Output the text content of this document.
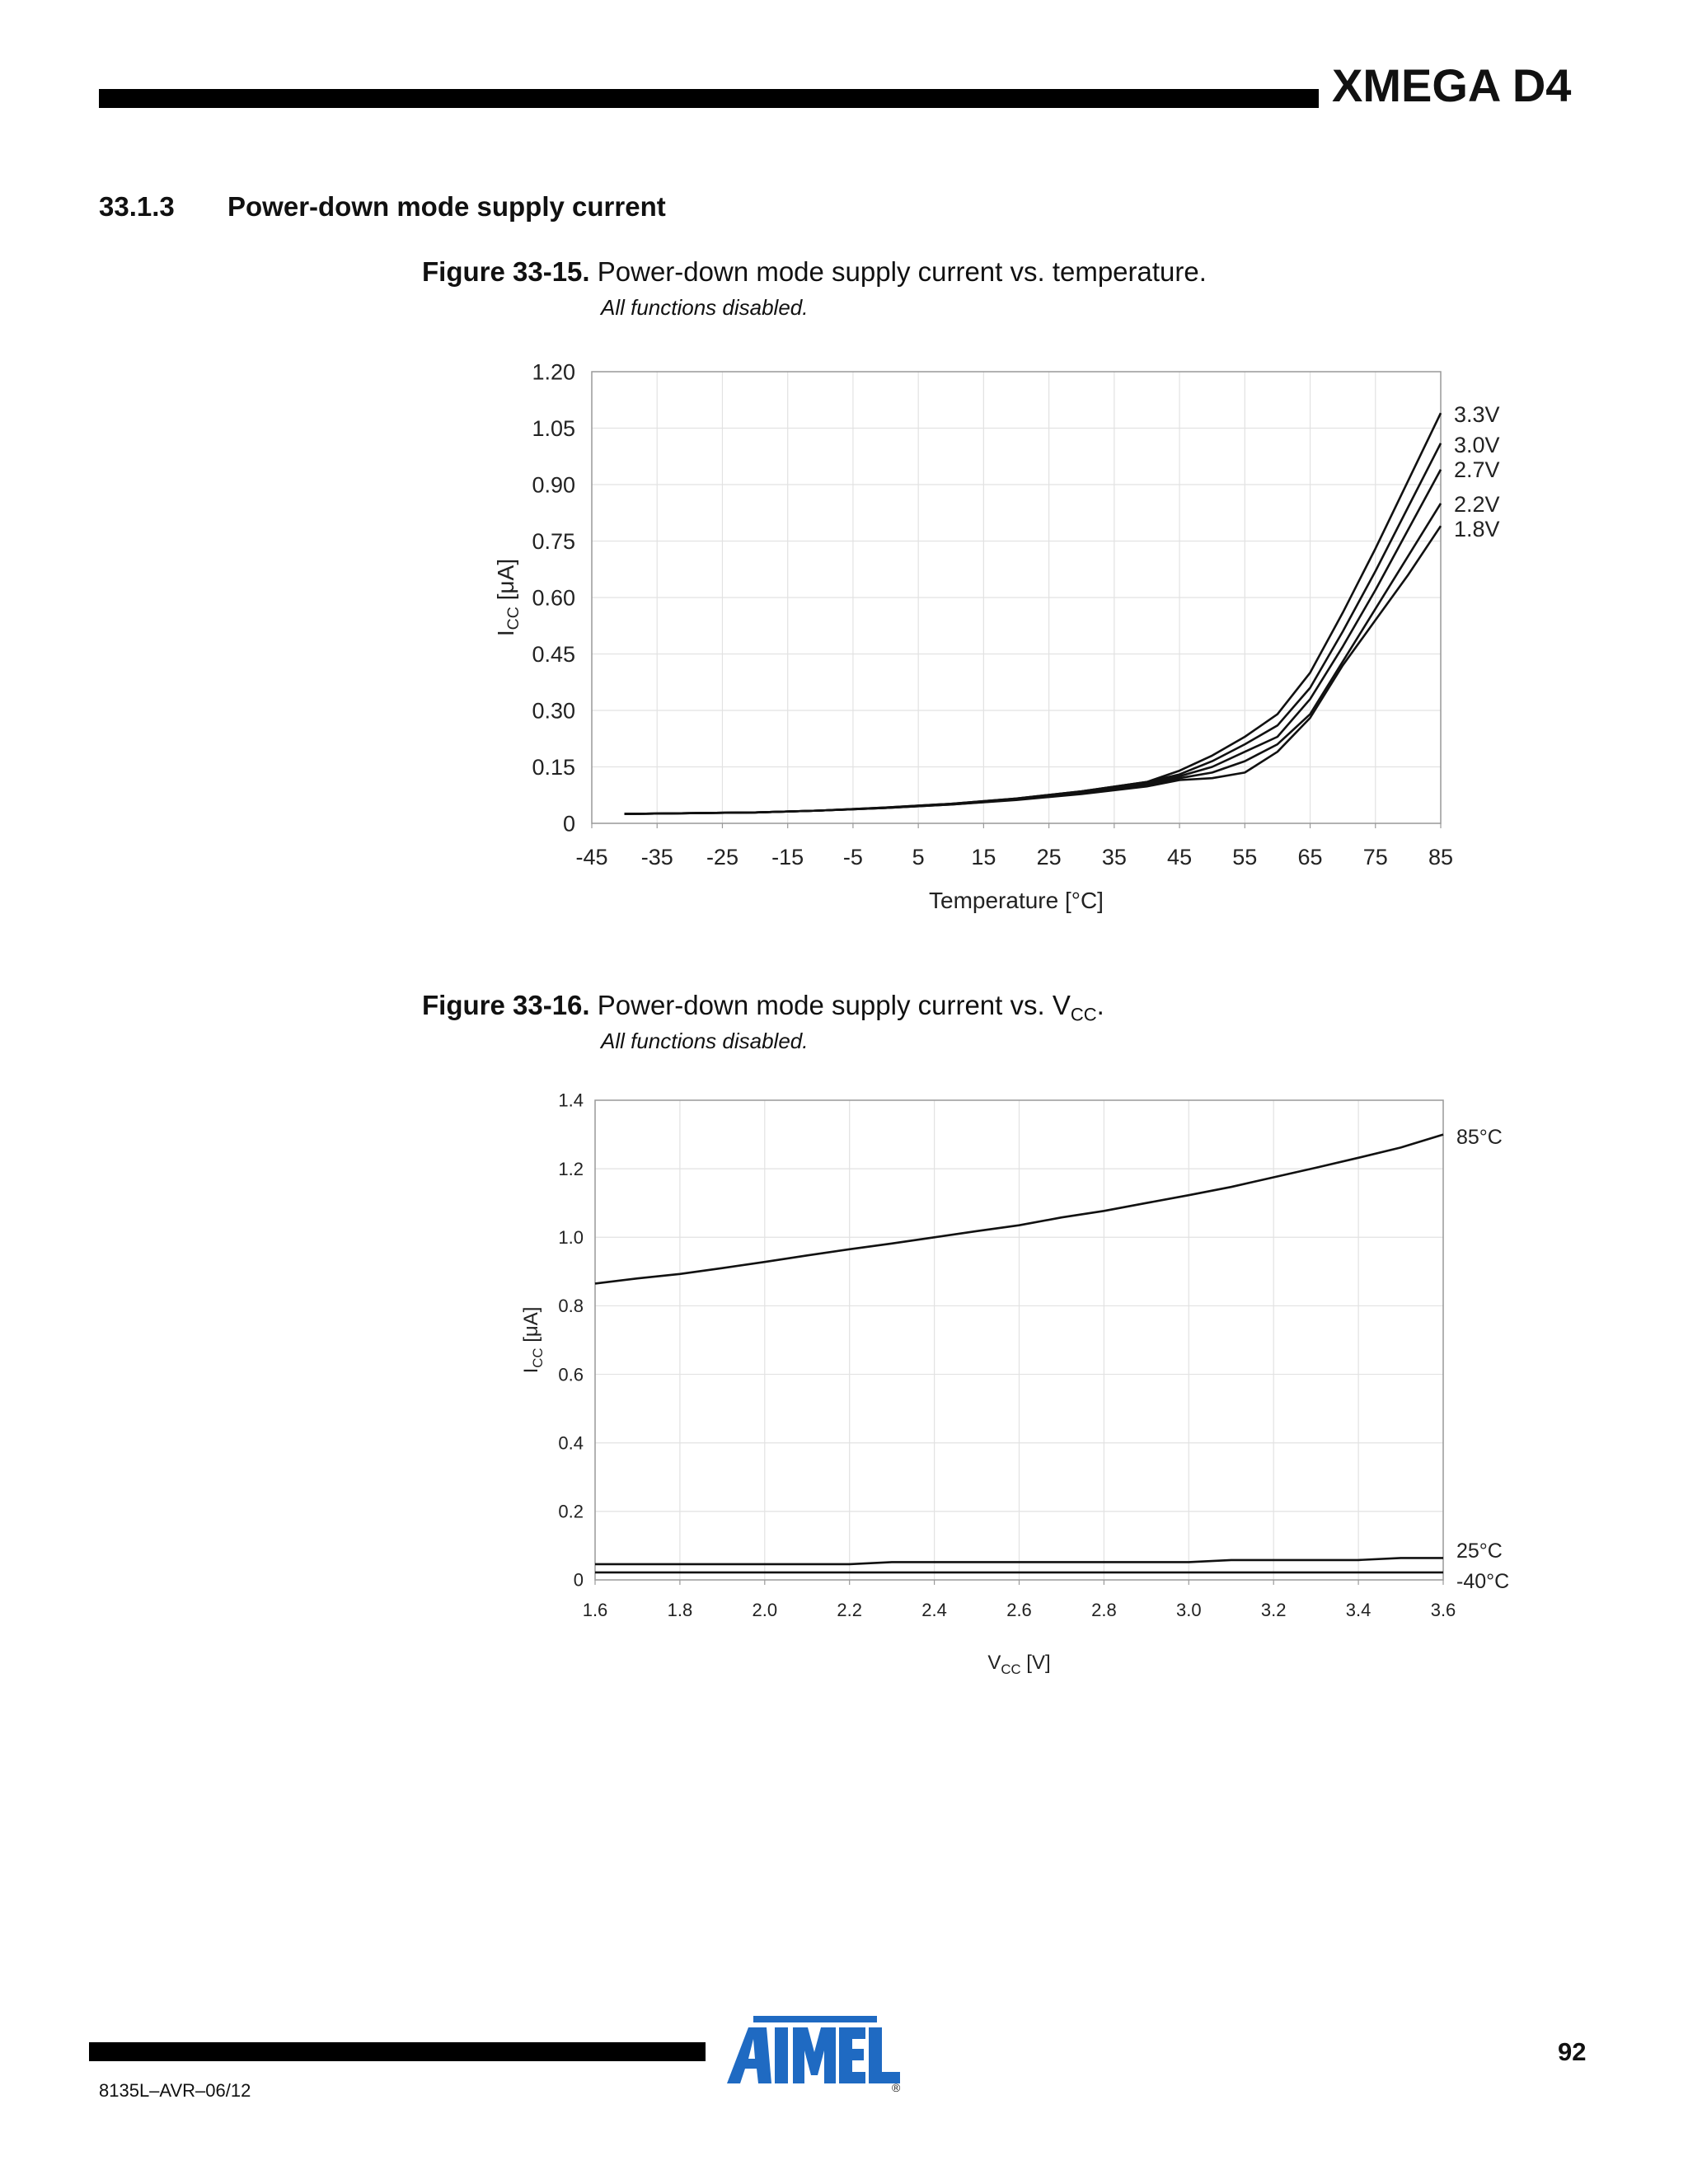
XMEGA D4
33.1.3 Power-down mode supply current
Figure 33-15. Power-down mode supply current vs. temperature.
All functions disabled.
-45 -35 -25 -15 -5 5 15 25 35 45 55 65 75 85
0
0.15
0.30
0.45
0.60
0.75
0.90
1.05
1.20
3.3V
3.0V
2.7V
2.2V
1.8V
Temperature [°C]
$I_{CC}$ [μA]
Figure 33-16. Power-down mode supply current vs. $V_{CC}$.
All functions disabled.
1.6	1.8	2.0	2.2	2.4	2.6	2.8	3.0	3.2	3.4	3.6
0
0.2
0.4
0.6
0.8
1.0
1.2
1.4
85°C
25°C
-40°C
$V_{CC}$ [V]
$I_{CC}$ [μA]
8135L–AVR–06/12
92
®
